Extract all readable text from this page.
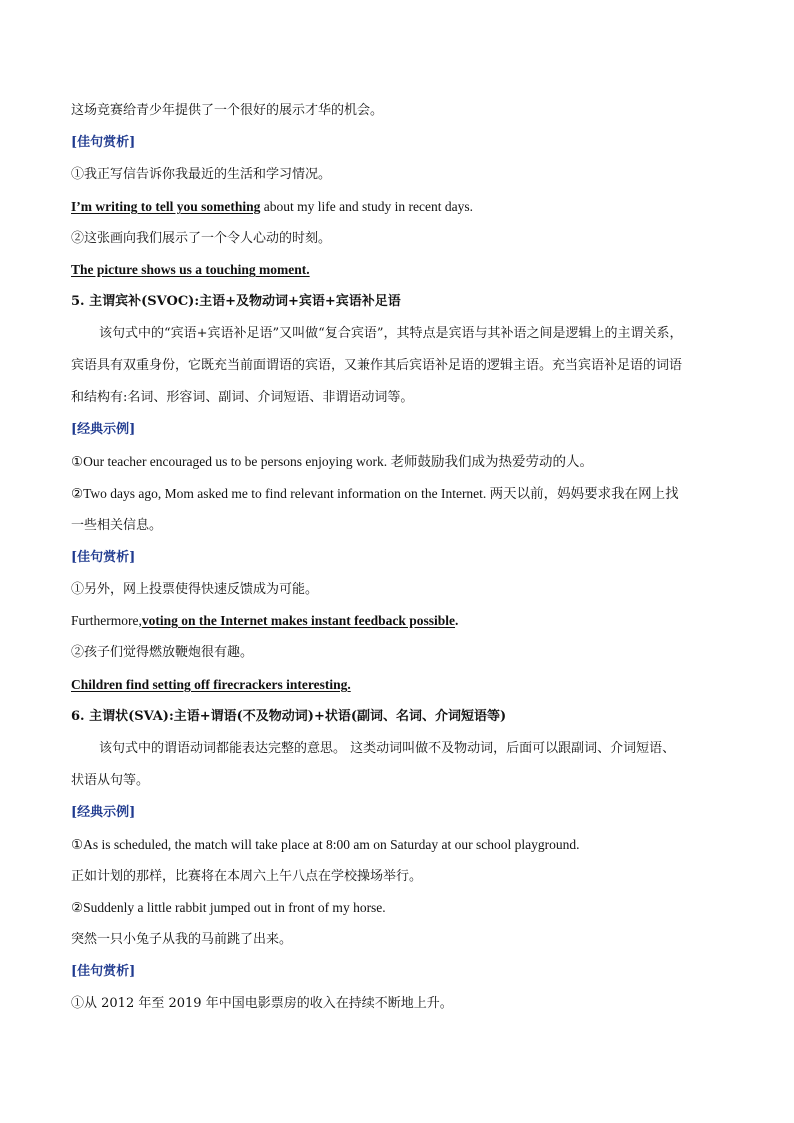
这场竞赛给青少年提供了一个很好的展示才华的机会。
[佳句赏析]
①我正写信告诉你我最近的生活和学习情况。
I’m writing to tell you something about my life and study in recent days.
②这张画向我们展示了一个令人心动的时刻。
The picture shows us a touching moment.
5. 主谓宾补(SVOC):主语+及物动词+宾语+宾语补足语
该句式中的“宾语+宾语补足语”又叫做“复合宾语”，其特点是宾语与其补语之间是逻辑上的主谓关系，
宾语具有双重身份，它既充当前面谓语的宾语，又兼作其后宾语补足语的逻辑主语。充当宾语补足语的词语
和结构有:名词、形容词、副词、介词短语、非谓语动词等。
[经典示例]
①Our teacher encouraged us to be persons enjoying work. 老师鼓励我们成为热爱劳动的人。
②Two days ago, Mom asked me to find relevant information on the Internet. 两天以前，妈妈要求我在网上找
一些相关信息。
[佳句赏析]
①另外，网上投票使得快速反馈成为可能。
Furthermore,voting on the Internet makes instant feedback possible.
②孩子们觉得燃放鞭炮很有趣。
Children find setting off firecrackers interesting.
6. 主谓状(SVA):主语+谓语(不及物动词)+状语(副词、名词、介词短语等)
该句式中的谓语动词都能表达完整的意思。 这类动词叫做不及物动词，后面可以跟副词、介词短语、
状语从句等。
[经典示例]
①As is scheduled, the match will take place at 8:00 am on Saturday at our school playground.
正如计划的那样，比赛将在本周六上午八点在学校操场举行。
②Suddenly a little rabbit jumped out in front of my horse.
突然一只小兔子从我的马前跳了出来。
[佳句赏析]
①从 2012 年至 2019 年中国电影票房的收入在持续不断地上升。
